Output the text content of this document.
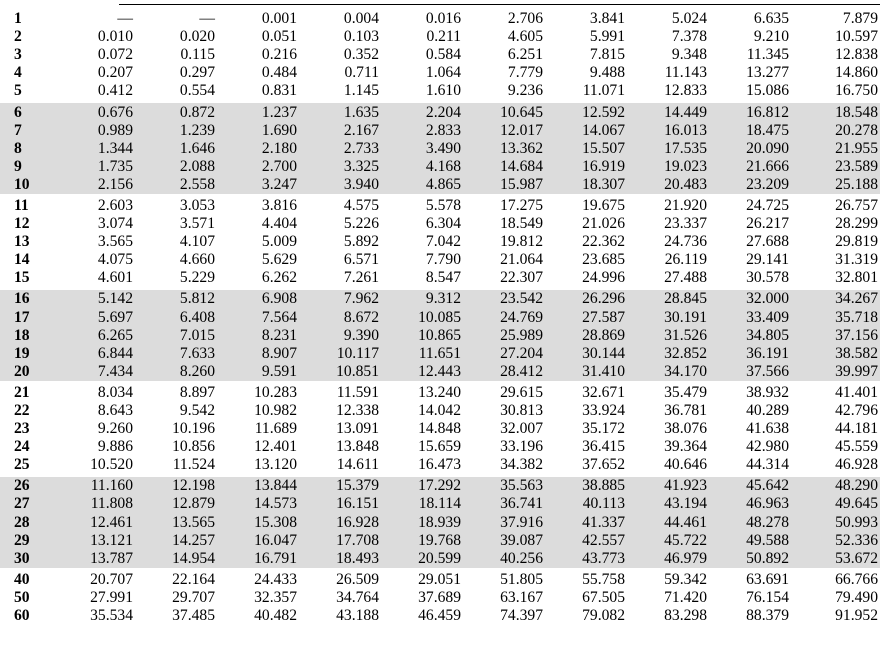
1	—	—	0.001	0.004	0.016	2.706	3.841	5.024	6.635	7.879
2	0.010	0.020	0.051	0.103	0.211	4.605	5.991	7.378	9.210	10.597
3	0.072	0.115	0.216	0.352	0.584	6.251	7.815	9.348	11.345	12.838
4	0.207	0.297	0.484	0.711	1.064	7.779	9.488	11.143	13.277	14.860
5	0.412	0.554	0.831	1.145	1.610	9.236	11.071	12.833	15.086	16.750

6	0.676	0.872	1.237	1.635	2.204	10.645	12.592	14.449	16.812	18.548
7	0.989	1.239	1.690	2.167	2.833	12.017	14.067	16.013	18.475	20.278
8	1.344	1.646	2.180	2.733	3.490	13.362	15.507	17.535	20.090	21.955
9	1.735	2.088	2.700	3.325	4.168	14.684	16.919	19.023	21.666	23.589
10	2.156	2.558	3.247	3.940	4.865	15.987	18.307	20.483	23.209	25.188

11	2.603	3.053	3.816	4.575	5.578	17.275	19.675	21.920	24.725	26.757
12	3.074	3.571	4.404	5.226	6.304	18.549	21.026	23.337	26.217	28.299
13	3.565	4.107	5.009	5.892	7.042	19.812	22.362	24.736	27.688	29.819
14	4.075	4.660	5.629	6.571	7.790	21.064	23.685	26.119	29.141	31.319
15	4.601	5.229	6.262	7.261	8.547	22.307	24.996	27.488	30.578	32.801

16	5.142	5.812	6.908	7.962	9.312	23.542	26.296	28.845	32.000	34.267
17	5.697	6.408	7.564	8.672	10.085	24.769	27.587	30.191	33.409	35.718
18	6.265	7.015	8.231	9.390	10.865	25.989	28.869	31.526	34.805	37.156
19	6.844	7.633	8.907	10.117	11.651	27.204	30.144	32.852	36.191	38.582
20	7.434	8.260	9.591	10.851	12.443	28.412	31.410	34.170	37.566	39.997

21	8.034	8.897	10.283	11.591	13.240	29.615	32.671	35.479	38.932	41.401
22	8.643	9.542	10.982	12.338	14.042	30.813	33.924	36.781	40.289	42.796
23	9.260	10.196	11.689	13.091	14.848	32.007	35.172	38.076	41.638	44.181
24	9.886	10.856	12.401	13.848	15.659	33.196	36.415	39.364	42.980	45.559
25	10.520	11.524	13.120	14.611	16.473	34.382	37.652	40.646	44.314	46.928

26	11.160	12.198	13.844	15.379	17.292	35.563	38.885	41.923	45.642	48.290
27	11.808	12.879	14.573	16.151	18.114	36.741	40.113	43.194	46.963	49.645
28	12.461	13.565	15.308	16.928	18.939	37.916	41.337	44.461	48.278	50.993
29	13.121	14.257	16.047	17.708	19.768	39.087	42.557	45.722	49.588	52.336
30	13.787	14.954	16.791	18.493	20.599	40.256	43.773	46.979	50.892	53.672

40	20.707	22.164	24.433	26.509	29.051	51.805	55.758	59.342	63.691	66.766
50	27.991	29.707	32.357	34.764	37.689	63.167	67.505	71.420	76.154	79.490
60	35.534	37.485	40.482	43.188	46.459	74.397	79.082	83.298	88.379	91.952
